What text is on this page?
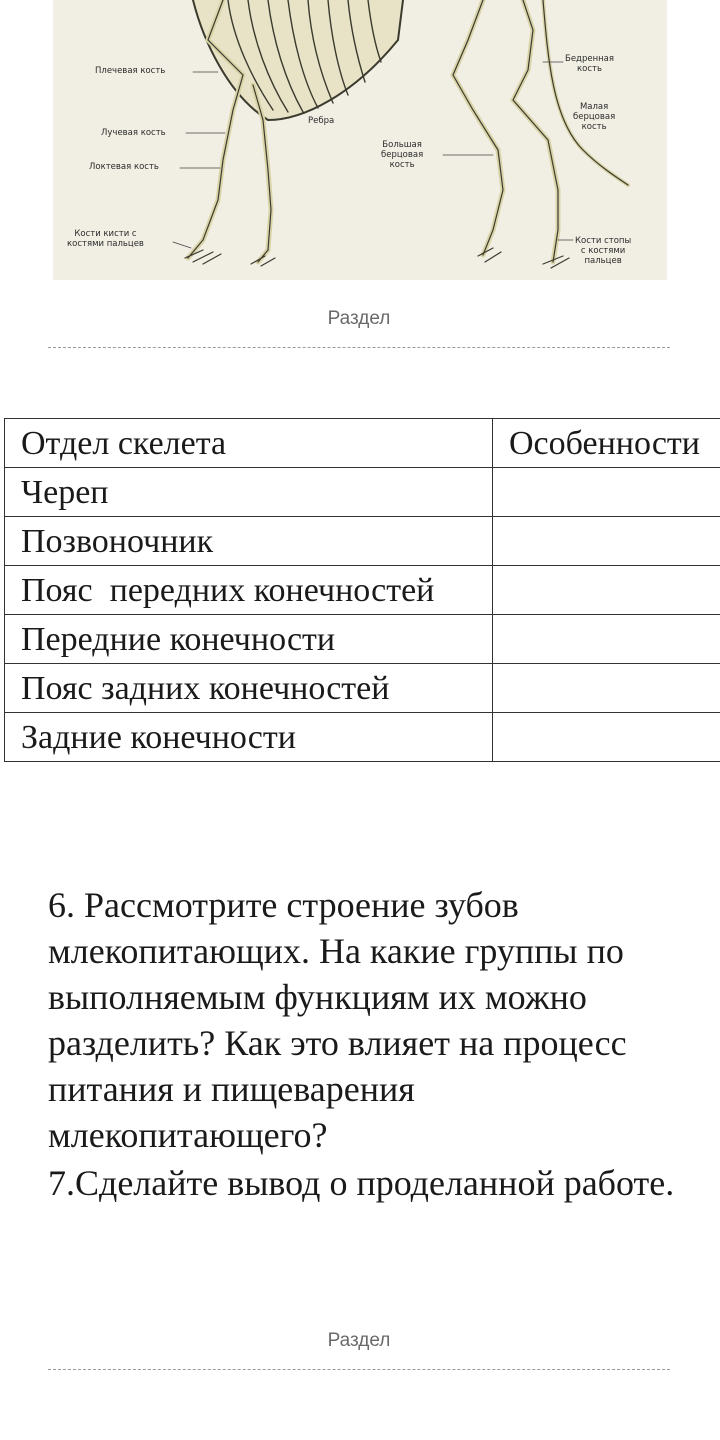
Плечевая кость
Лучевая кость
Локтевая кость
Кости кисти с
костями пальцев
Ребра
Большая
берцовая
кость
Бедренная
кость
Малая
берцовая
кость
Кости стопы
с костями
пальцев
Раздел
Отдел скелета	Особенности
Череп	
Позвоночник	
Пояс  передних конечностей	
Передние конечности	
Пояс задних конечностей	
Задние конечности	
6. Рассмотрите строение зубов млекопитающих. На какие группы по выполняемым функциям их можно разделить? Как это влияет на процесс питания и пищеварения млекопитающего?
7.Сделайте вывод о проделанной работе.
Раздел
